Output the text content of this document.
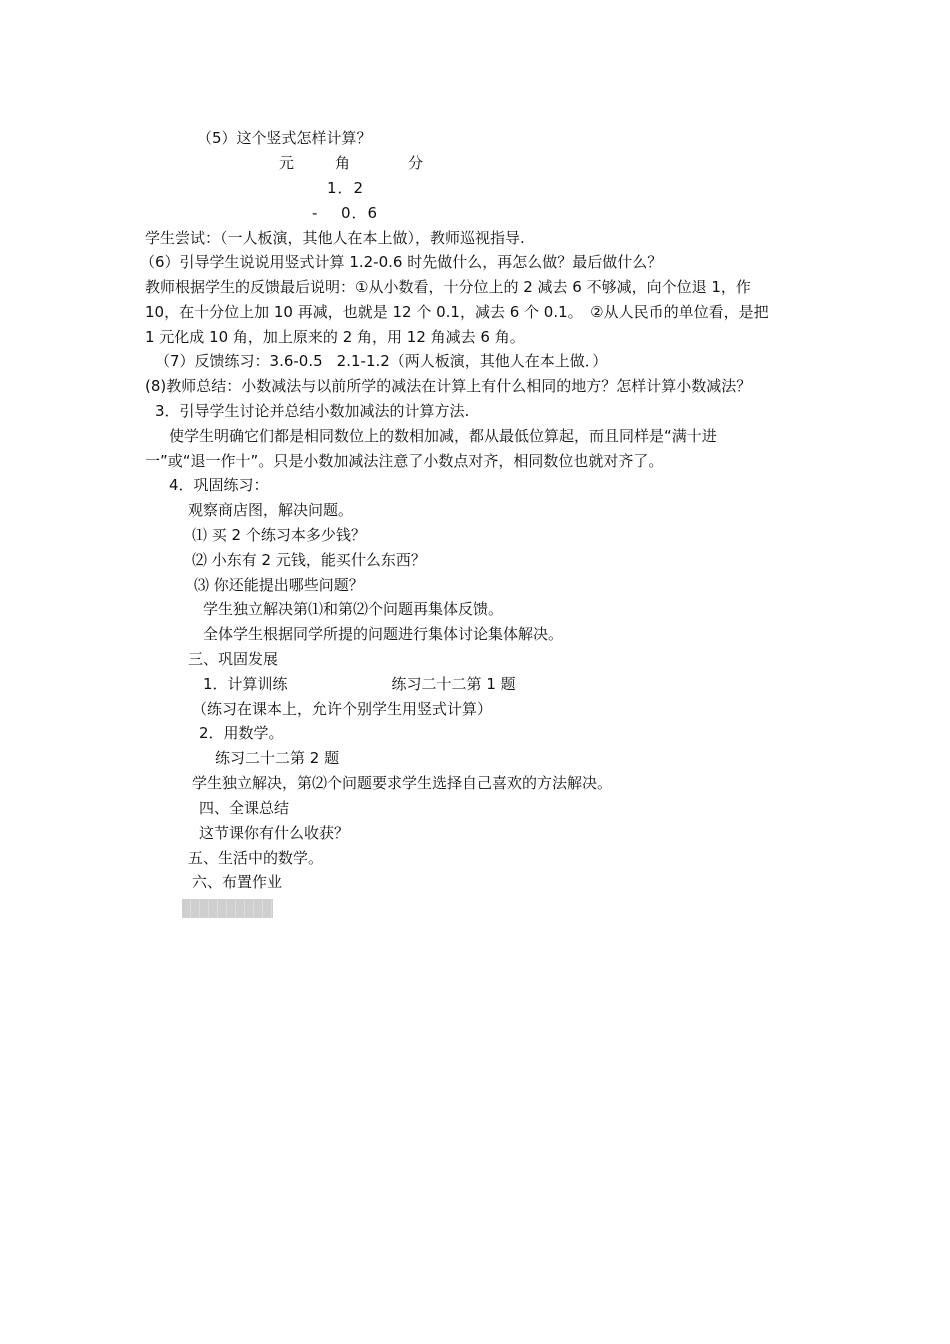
（5）这个竖式怎样计算？

元	角	分

1．2

- 0．6

学生尝试：（一人板演，其他人在本上做），教师巡视指导.

（6）引导学生说说用竖式计算 1.2-0.6 时先做什么，再怎么做？最后做什么？

教师根据学生的反馈最后说明：①从小数看，十分位上的 2 减去 6 不够减，向个位退 1，作

10，在十分位上加 10 再减，也就是 12 个 0.1，减去 6 个 0.1。　②从人民币的单位看，是把

1 元化成 10 角，加上原来的 2 角，用 12 角减去 6 角。

（7）反馈练习：3.6-0.5 2.1-1.2（两人板演，其他人在本上做．）

(8)教师总结：小数减法与以前所学的减法在计算上有什么相同的地方？怎样计算小数减法？

3．引导学生讨论并总结小数加减法的计算方法.

使学生明确它们都是相同数位上的数相加减，都从最低位算起，而且同样是“满十进

一”或“退一作十”。只是小数加减法注意了小数点对齐，相同数位也就对齐了。

4．巩固练习：

观察商店图，解决问题。

⑴ 买 2 个练习本多少钱？

⑵ 小东有 2 元钱，能买什么东西？

⑶ 你还能提出哪些问题？

学生独立解决第⑴和第⑵个问题再集体反馈。

全体学生根据同学所提的问题进行集体讨论集体解决。

三、巩固发展

1．计算训练	练习二十二第 1 题

（练习在课本上，允许个别学生用竖式计算）

2．用数学。

练习二十二第 2 题

学生独立解决，第⑵个问题要求学生选择自己喜欢的方法解决。

四、全课总结

这节课你有什么收获？

五、生活中的数学。

六、布置作业
